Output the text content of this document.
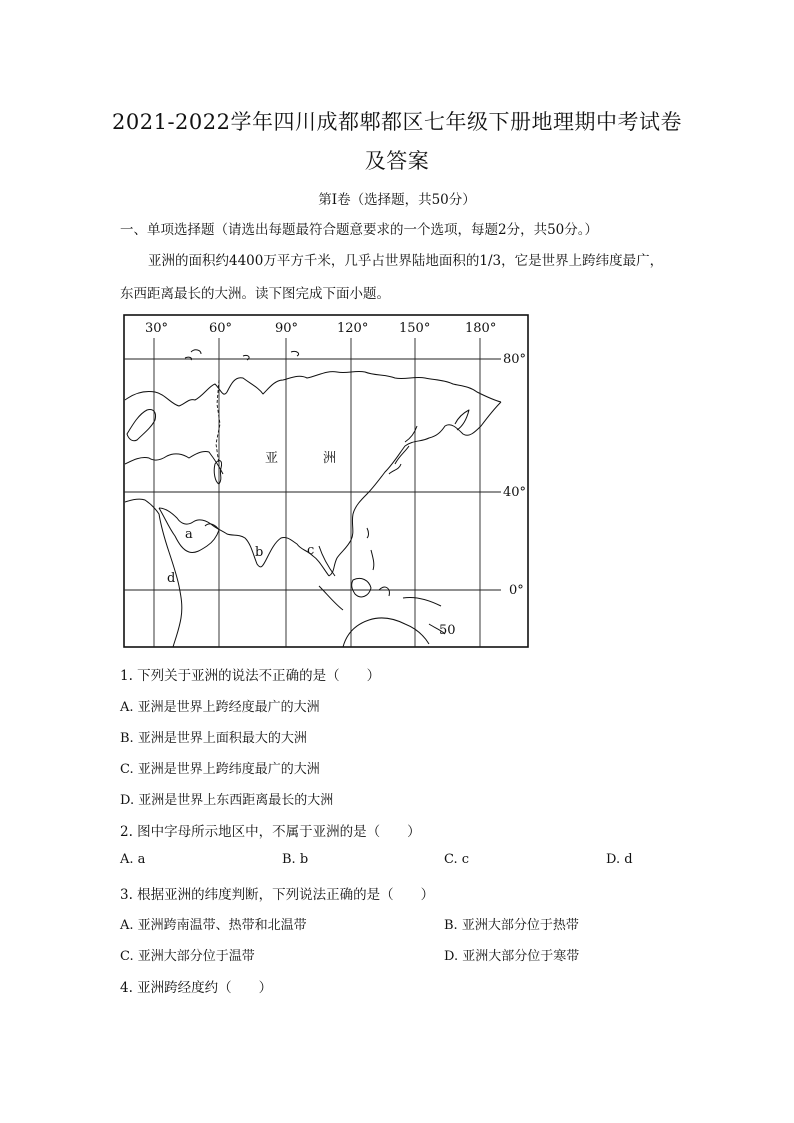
2021-2022学年四川成都郫都区七年级下册地理期中考试卷
及答案
第Ⅰ卷（选择题，共50分）
一、单项选择题（请选出每题最符合题意要求的一个选项，每题2分，共50分。）
亚洲的面积约4400万平方千米，几乎占世界陆地面积的1/3，它是世界上跨纬度最广，
东西距离最长的大洲。读下图完成下面小题。
30°	60°	90°	120° 150°	180°
80°
40°
0°
亚	洲
a
b	c
d
50
1. 下列关于亚洲的说法不正确的是（　　）
A. 亚洲是世界上跨经度最广的大洲
B. 亚洲是世界上面积最大的大洲
C. 亚洲是世界上跨纬度最广的大洲
D. 亚洲是世界上东西距离最长的大洲
2. 图中字母所示地区中，不属于亚洲的是（　　）
A. a	B. b	C. c	D. d
3. 根据亚洲的纬度判断，下列说法正确的是（　　）
A. 亚洲跨南温带、热带和北温带	B. 亚洲大部分位于热带
C. 亚洲大部分位于温带	D. 亚洲大部分位于寒带
4. 亚洲跨经度约（　　）
